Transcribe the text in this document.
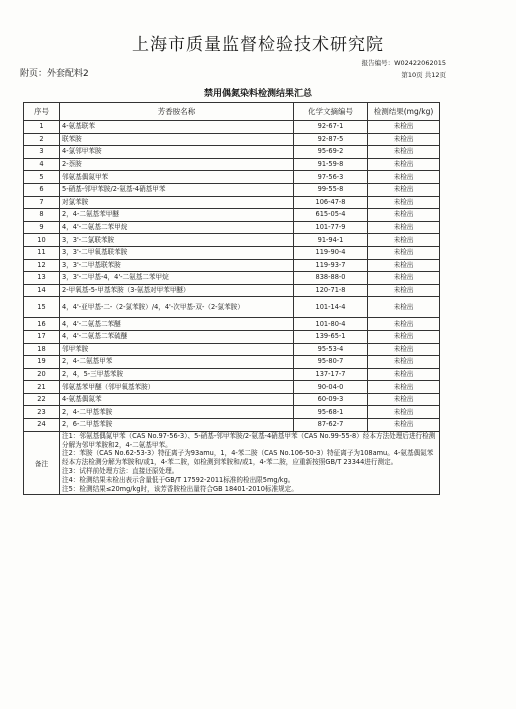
上海市质量监督检验技术研究院
附页：外套配料2
报告编号：W02422062015
第10页 共12页
禁用偶氮染料检测结果汇总
序号	芳香胺名称	化学文摘编号	检测结果(mg/kg)
1	4-氨基联苯	92-67-1	未检出
2	联苯胺	92-87-5	未检出
3	4-氯邻甲苯胺	95-69-2	未检出
4	2-萘胺	91-59-8	未检出
5	邻氨基偶氮甲苯	97-56-3	未检出
6	5-硝基-邻甲苯胺/2-氨基-4硝基甲苯	99-55-8	未检出
7	对氯苯胺	106-47-8	未检出
8	2，4-二氨基苯甲醚	615-05-4	未检出
9	4，4'-二氨基二苯甲烷	101-77-9	未检出
10	3，3'-二氯联苯胺	91-94-1	未检出
11	3，3'-二甲氧基联苯胺	119-90-4	未检出
12	3，3'-二甲基联苯胺	119-93-7	未检出
13	3，3'-二甲基-4，4'-二氨基二苯甲烷	838-88-0	未检出
14	2-甲氧基-5-甲基苯胺（3-氨基对甲苯甲醚）	120-71-8	未检出
15	4，4'-亚甲基-二-（2-氯苯胺）/4，4'-次甲基-双-（2-氯苯胺）	101-14-4	未检出
16	4，4'-二氨基二苯醚	101-80-4	未检出
17	4，4'-二氨基二苯硫醚	139-65-1	未检出
18	邻甲苯胺	95-53-4	未检出
19	2，4-二氨基甲苯	95-80-7	未检出
20	2，4，5-三甲基苯胺	137-17-7	未检出
21	邻氨基苯甲醚（邻甲氧基苯胺）	90-04-0	未检出
22	4-氨基偶氮苯	60-09-3	未检出
23	2，4-二甲基苯胺	95-68-1	未检出
24	2，6-二甲基苯胺	87-62-7	未检出
备注	注1：邻氨基偶氮甲苯（CAS No.97-56-3）、5-硝基-邻甲苯胺/2-氨基-4硝基甲苯（CAS No.99-55-8）经本方法处理后进行检测分解为邻甲苯胺和2，4-二氨基甲苯。
注2：苯胺（CAS No.62-53-3）特征离子为93amu，1，4-苯二胺（CAS No.106-50-3）特征离子为108amu。4-氨基偶氮苯经本方法检测分解为苯胺和/或1，4-苯二胺，如检测到苯胺和/或1，4-苯二胺，应重新按照GB/T 23344进行测定。
注3：试样前处理方法：直接还原处理。
注4：检测结果未检出表示含量低于GB/T 17592-2011标准的检出限5mg/kg。
注5：检测结果≤20mg/kg时，该芳香胺检出量符合GB 18401-2010标准规定。		
